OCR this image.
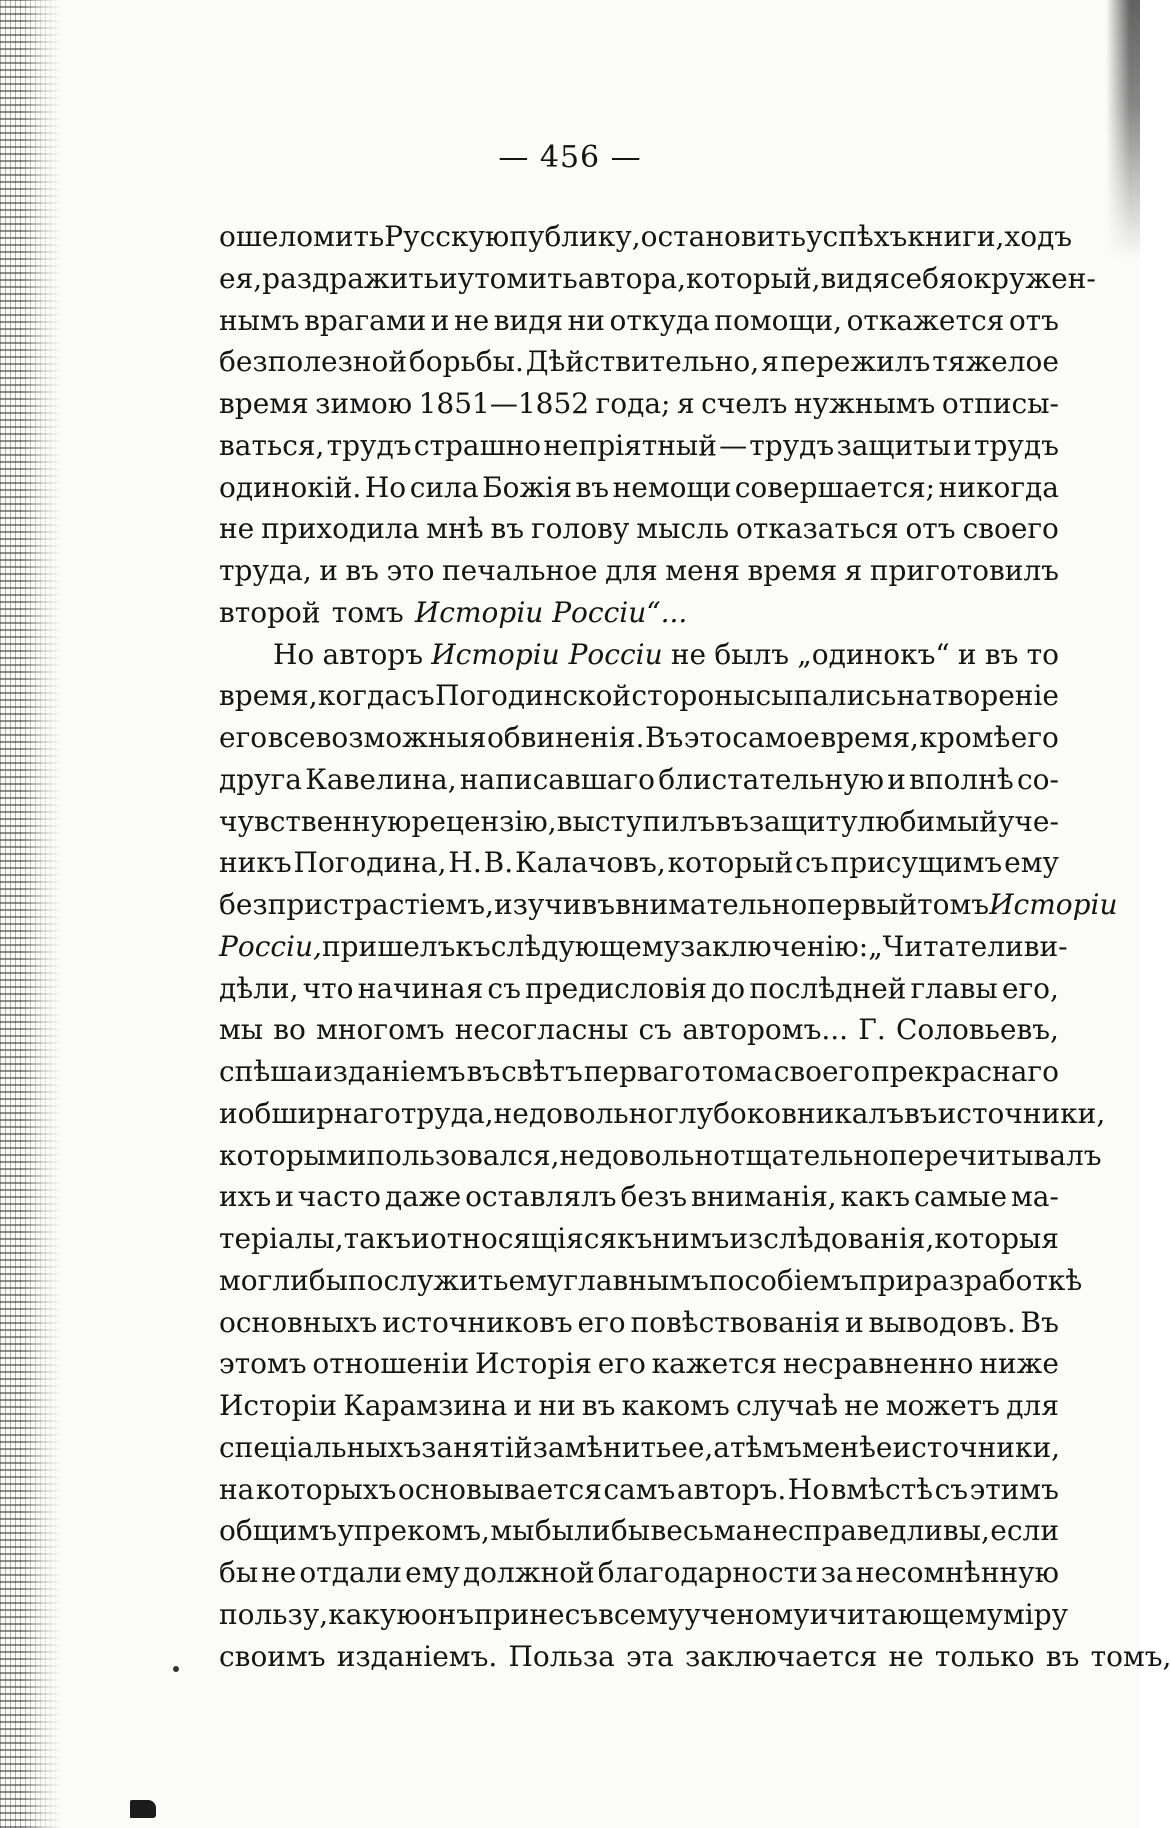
— 456 —
ошеломить Русскую публику, остановить успѣхъ книги, ходъ
ея, раздражить и утомить автора, который, видя себя окружен-
нымъ врагами и не видя ни откуда помощи, откажется отъ
безполезной борьбы. Дѣйствительно, я пережилъ тяжелое
время зимою 1851—1852 года; я счелъ нужнымъ отписы-
ваться, трудъ страшно непріятный — трудъ защиты и трудъ
одинокій. Но сила Божія въ немощи совершается; никогда
не приходила мнѣ въ голову мысль отказаться отъ своего
труда, и въ это печальное для меня время я приготовилъ
второй томъ Исторіи Россіи“...
Но авторъ Исторіи Россіи не былъ „одинокъ“ и въ то
время, когда съ Погодинской стороны сыпались на твореніе
его всевозможныя обвиненія. Въ это самое время, кромѣ его
друга Кавелина, написавшаго блистательную и вполнѣ со-
чувственную рецензію, выступилъ въ защиту любимый уче-
никъ Погодина, Н. В. Калачовъ, который съ присущимъ ему
безпристрастіемъ, изучивъ внимательно первый томъ Исторіи
Россіи, пришелъ къ слѣдующему заключенію: „Читатели ви-
дѣли, что начиная съ предисловія до послѣдней главы его,
мы во многомъ несогласны съ авторомъ... Г. Соловьевъ,
спѣша изданіемъ въ свѣтъ перваго тома своего прекраснаго
и обширнаго труда, не довольно глубоко вникалъ въ источники,
которыми пользовался, не довольно тщательно перечитывалъ
ихъ и часто даже оставлялъ безъ вниманія, какъ самые ма-
теріалы, такъ и относящіяся къ нимъ изслѣдованія, которыя
могли бы послужить ему главнымъ пособіемъ при разработкѣ
основныхъ источниковъ его повѣствованія и выводовъ. Въ
этомъ отношеніи Исторія его кажется несравненно ниже
Исторіи Карамзина и ни въ какомъ случаѣ не можетъ для
спеціальныхъ занятій замѣнить ее, а тѣмъ менѣе источники,
на которыхъ основывается самъ авторъ. Но вмѣстѣ съ этимъ
общимъ упрекомъ, мы были бы весьма несправедливы, если
бы не отдали ему должной благодарности за несомнѣнную
пользу, какую онъ принесъ всему ученому и читающему міру
своимъ изданіемъ. Польза эта заключается не только въ томъ,
